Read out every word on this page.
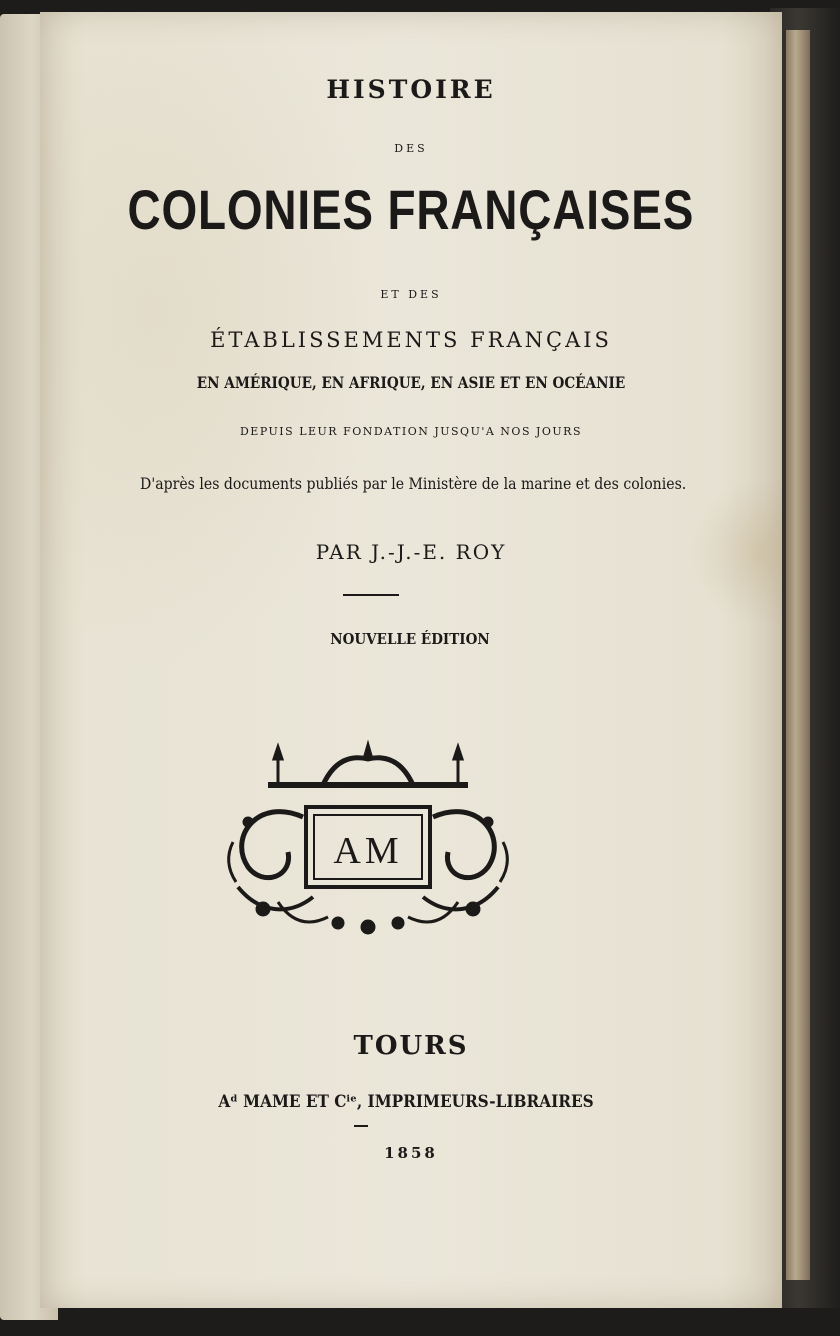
HISTOIRE
DES
COLONIES FRANÇAISES
ET DES
ÉTABLISSEMENTS FRANÇAIS
EN AMÉRIQUE, EN AFRIQUE, EN ASIE ET EN OCÉANIE
DEPUIS LEUR FONDATION JUSQU'A NOS JOURS
D'après les documents publiés par le Ministère de la marine et des colonies.
PAR J.-J.-E. ROY
NOUVELLE ÉDITION
AM
TOURS
Aᵈ MAME ET Cⁱᵉ, IMPRIMEURS-LIBRAIRES
1858
